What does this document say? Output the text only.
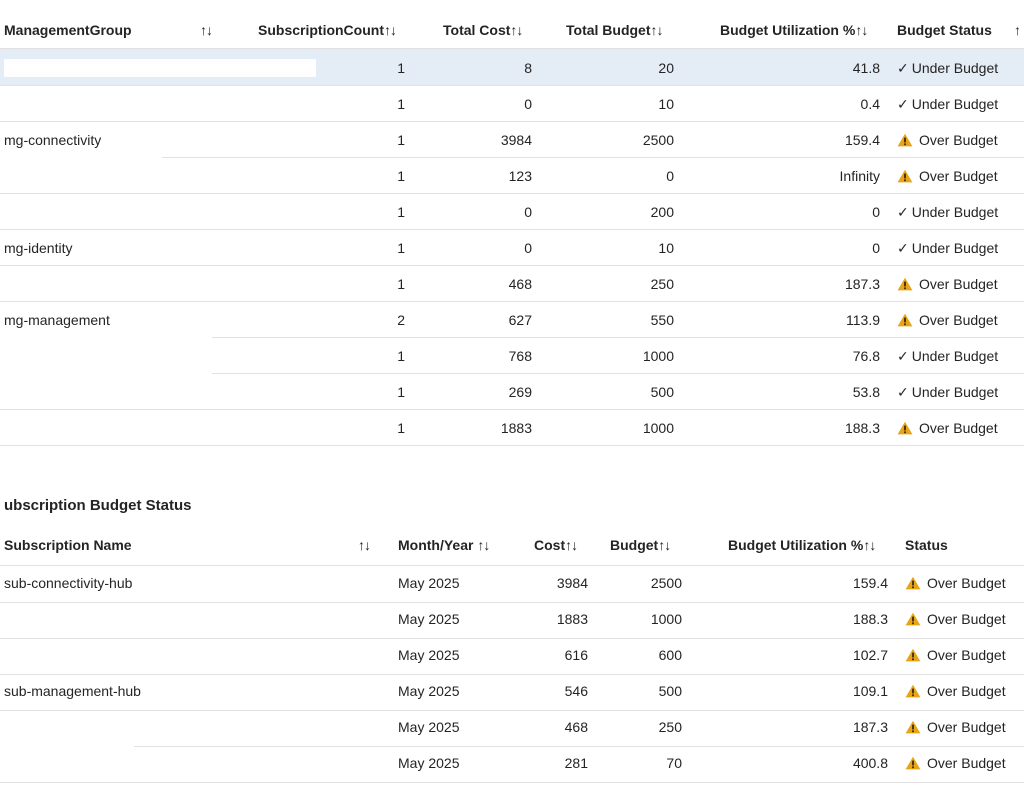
ManagementGroup	↑↓	SubscriptionCount↑↓	Total Cost↑↓	Total Budget↑↓	Budget Utilization %↑↓ Budget Status ↑
1	8	20	41.8 ✓ Under Budget
1	0	10	0.4 ✓ Under Budget
mg-connectivity	1	3984	2500	159.4	Over Budget
1	123	0	Infinity	Over Budget
1	0	200	0 ✓ Under Budget
mg-identity	1	0	10	0 ✓ Under Budget
1	468	250	187.3	Over Budget
mg-management	2	627	550	113.9	Over Budget
1	768	1000	76.8 ✓ Under Budget
1	269	500	53.8 ✓ Under Budget
1	1883	1000	188.3	Over Budget
ubscription Budget Status
Subscription Name	↑↓ Month/Year ↑↓	Cost↑↓ Budget↑↓	Budget Utilization %↑↓ Status
sub-connectivity-hub	May 2025	3984	2500	159.4	Over Budget
May 2025	1883	1000	188.3	Over Budget
May 2025	616	600	102.7	Over Budget
sub-management-hub	May 2025	546	500	109.1	Over Budget
May 2025	468	250	187.3	Over Budget
May 2025	281	70	400.8	Over Budget
